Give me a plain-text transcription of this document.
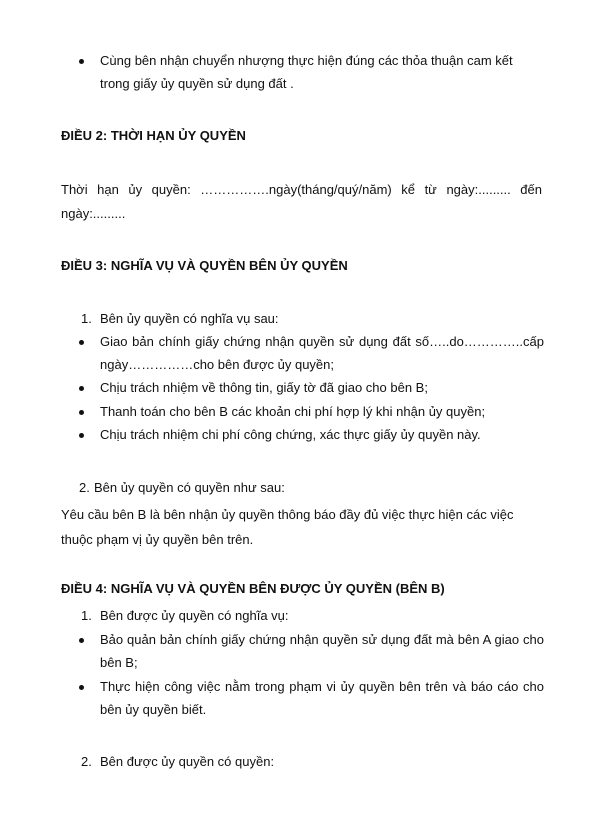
Cùng bên nhận chuyển nhượng thực hiện đúng các thỏa thuận cam kết trong giấy ủy quyền sử dụng đất .

ĐIỀU 2: THỜI HẠN ỦY QUYỀN

Thời hạn ủy quyền: …………….ngày(tháng/quý/năm) kể từ ngày:......... đến

ngày:.........

ĐIỀU 3: NGHĨA VỤ VÀ QUYỀN BÊN ỦY QUYỀN

1. Bên ủy quyền có nghĩa vụ sau:
Giao bản chính giấy chứng nhận quyền sử dụng đất số…..do…………..cấp ngày……………cho bên được ủy quyền;
Chịu trách nhiệm về thông tin, giấy tờ đã giao cho bên B;
Thanh toán cho bên B các khoản chi phí hợp lý khi nhận ủy quyền;
Chịu trách nhiệm chi phí công chứng, xác thực giấy ủy quyền này.
2. Bên ủy quyền có quyền như sau:

Yêu cầu bên B là bên nhận ủy quyền thông báo đầy đủ việc thực hiện các việc thuộc phạm vị ủy quyền bên trên.

ĐIỀU 4: NGHĨA VỤ VÀ QUYỀN BÊN ĐƯỢC ỦY QUYỀN (BÊN B)

1. Bên được ủy quyền có nghĩa vụ:
Bảo quản bản chính giấy chứng nhận quyền sử dụng đất mà bên A giao cho bên B;
Thực hiện công việc nằm trong phạm vi ủy quyền bên trên và báo cáo cho bên ủy quyền biết.
2. Bên được ủy quyền có quyền:
